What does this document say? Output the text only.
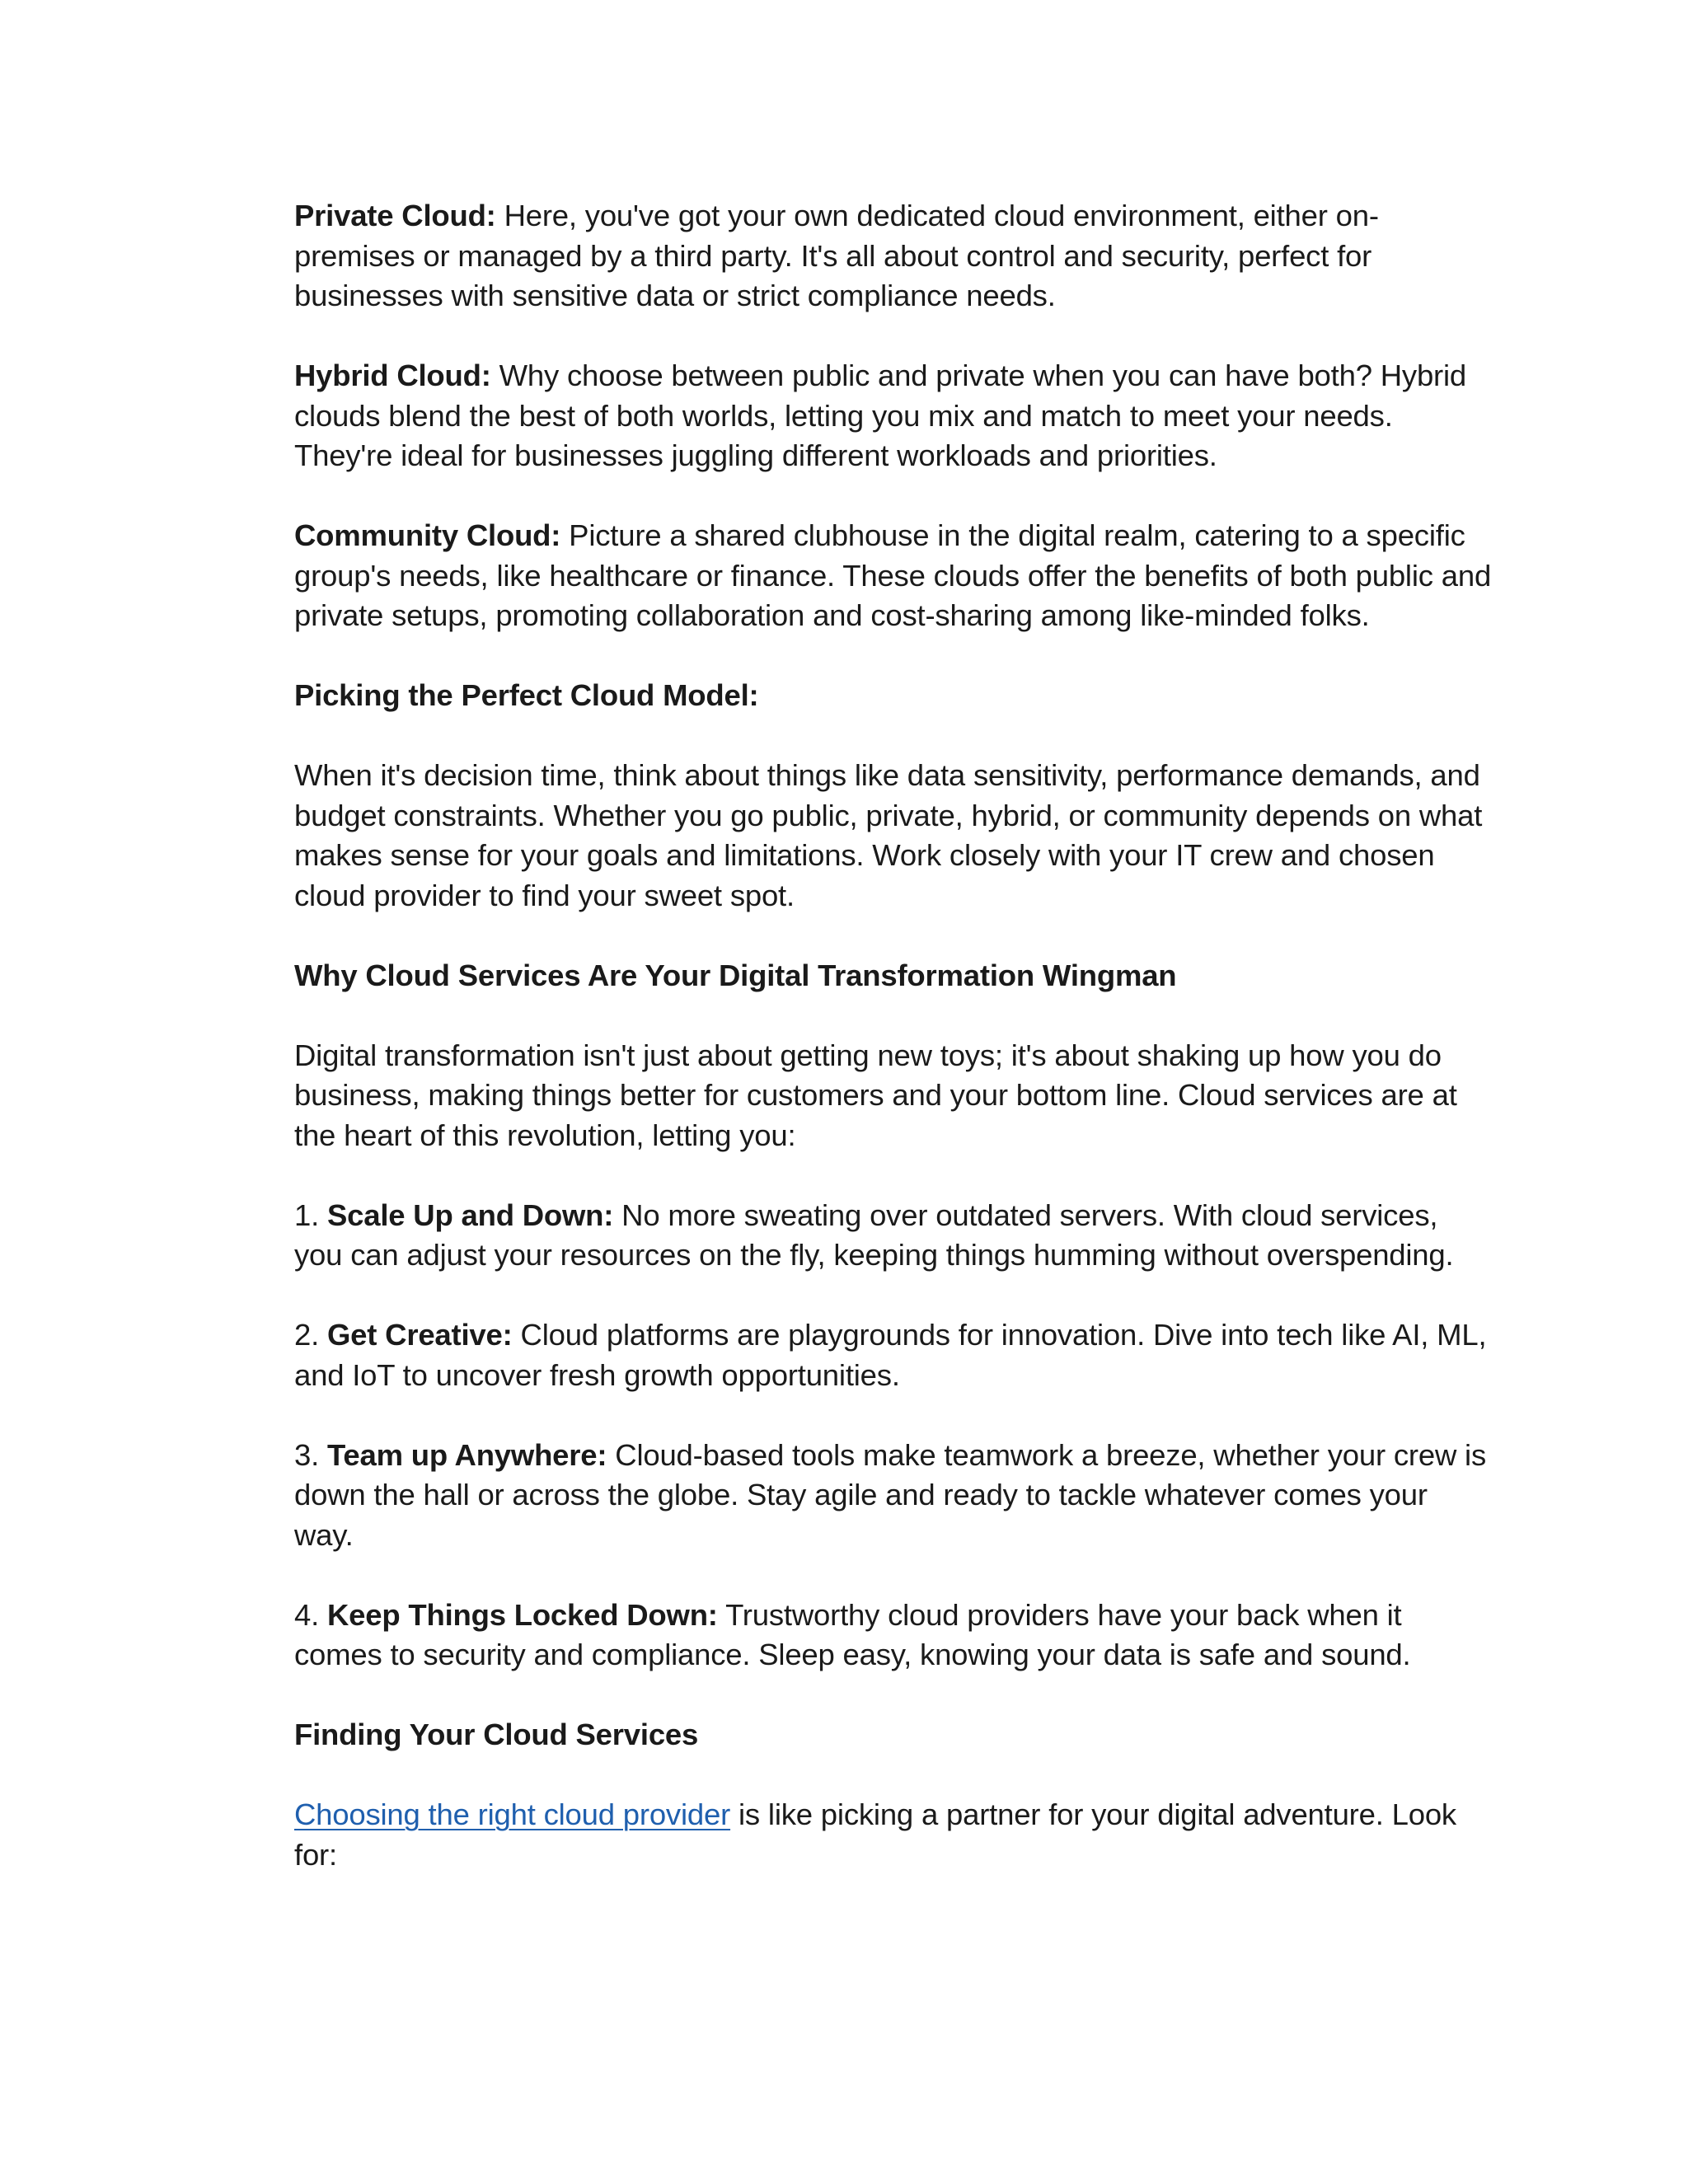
Private Cloud: Here, you've got your own dedicated cloud environment, either on-premises or managed by a third party. It's all about control and security, perfect for businesses with sensitive data or strict compliance needs.

Hybrid Cloud: Why choose between public and private when you can have both? Hybrid clouds blend the best of both worlds, letting you mix and match to meet your needs. They're ideal for businesses juggling different workloads and priorities.

Community Cloud: Picture a shared clubhouse in the digital realm, catering to a specific group's needs, like healthcare or finance. These clouds offer the benefits of both public and private setups, promoting collaboration and cost-sharing among like-minded folks.

Picking the Perfect Cloud Model:

When it's decision time, think about things like data sensitivity, performance demands, and budget constraints. Whether you go public, private, hybrid, or community depends on what makes sense for your goals and limitations. Work closely with your IT crew and chosen cloud provider to find your sweet spot.

Why Cloud Services Are Your Digital Transformation Wingman

Digital transformation isn't just about getting new toys; it's about shaking up how you do business, making things better for customers and your bottom line. Cloud services are at the heart of this revolution, letting you:

1. Scale Up and Down: No more sweating over outdated servers. With cloud services, you can adjust your resources on the fly, keeping things humming without overspending.

2. Get Creative: Cloud platforms are playgrounds for innovation. Dive into tech like AI, ML, and IoT to uncover fresh growth opportunities.

3. Team up Anywhere: Cloud-based tools make teamwork a breeze, whether your crew is down the hall or across the globe. Stay agile and ready to tackle whatever comes your way.

4. Keep Things Locked Down: Trustworthy cloud providers have your back when it comes to security and compliance. Sleep easy, knowing your data is safe and sound.

Finding Your Cloud Services

Choosing the right cloud provider is like picking a partner for your digital adventure. Look for:
